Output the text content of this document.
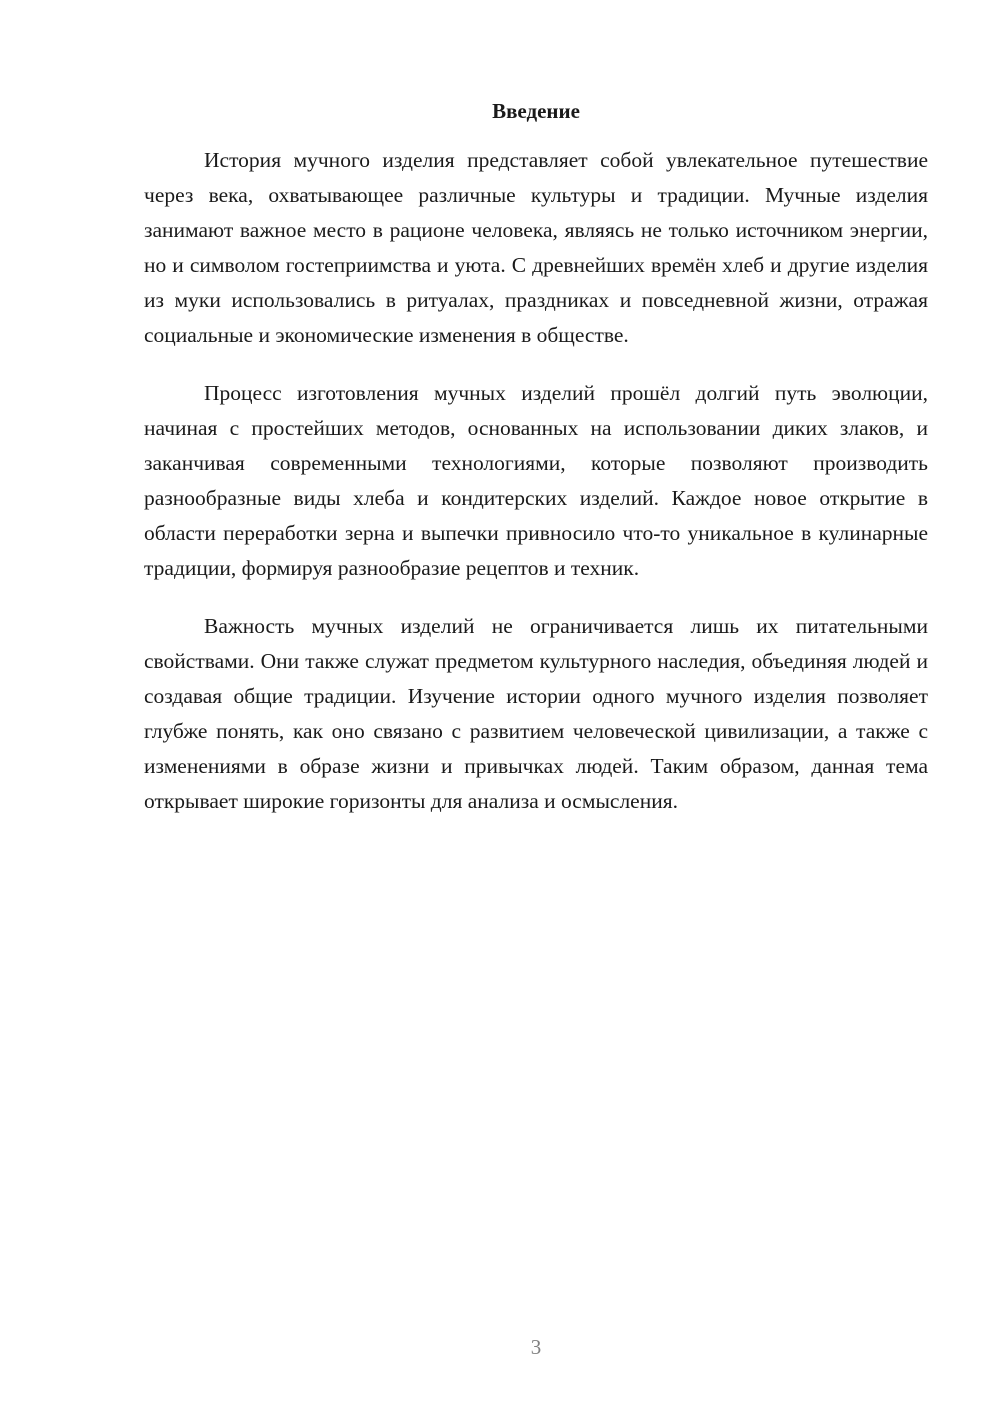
Введение

История мучного изделия представляет собой увлекательное путешествие через века, охватывающее различные культуры и традиции. Мучные изделия занимают важное место в рационе человека, являясь не только источником энергии, но и символом гостеприимства и уюта. С древнейших времён хлеб и другие изделия из муки использовались в ритуалах, праздниках и повседневной жизни, отражая социальные и экономические изменения в обществе.

Процесс изготовления мучных изделий прошёл долгий путь эволюции, начиная с простейших методов, основанных на использовании диких злаков, и заканчивая современными технологиями, которые позволяют производить разнообразные виды хлеба и кондитерских изделий. Каждое новое открытие в области переработки зерна и выпечки привносило что-то уникальное в кулинарные традиции, формируя разнообразие рецептов и техник.

Важность мучных изделий не ограничивается лишь их питательными свойствами. Они также служат предметом культурного наследия, объединяя людей и создавая общие традиции. Изучение истории одного мучного изделия позволяет глубже понять, как оно связано с развитием человеческой цивилизации, а также с изменениями в образе жизни и привычках людей. Таким образом, данная тема открывает широкие горизонты для анализа и осмысления.

3
